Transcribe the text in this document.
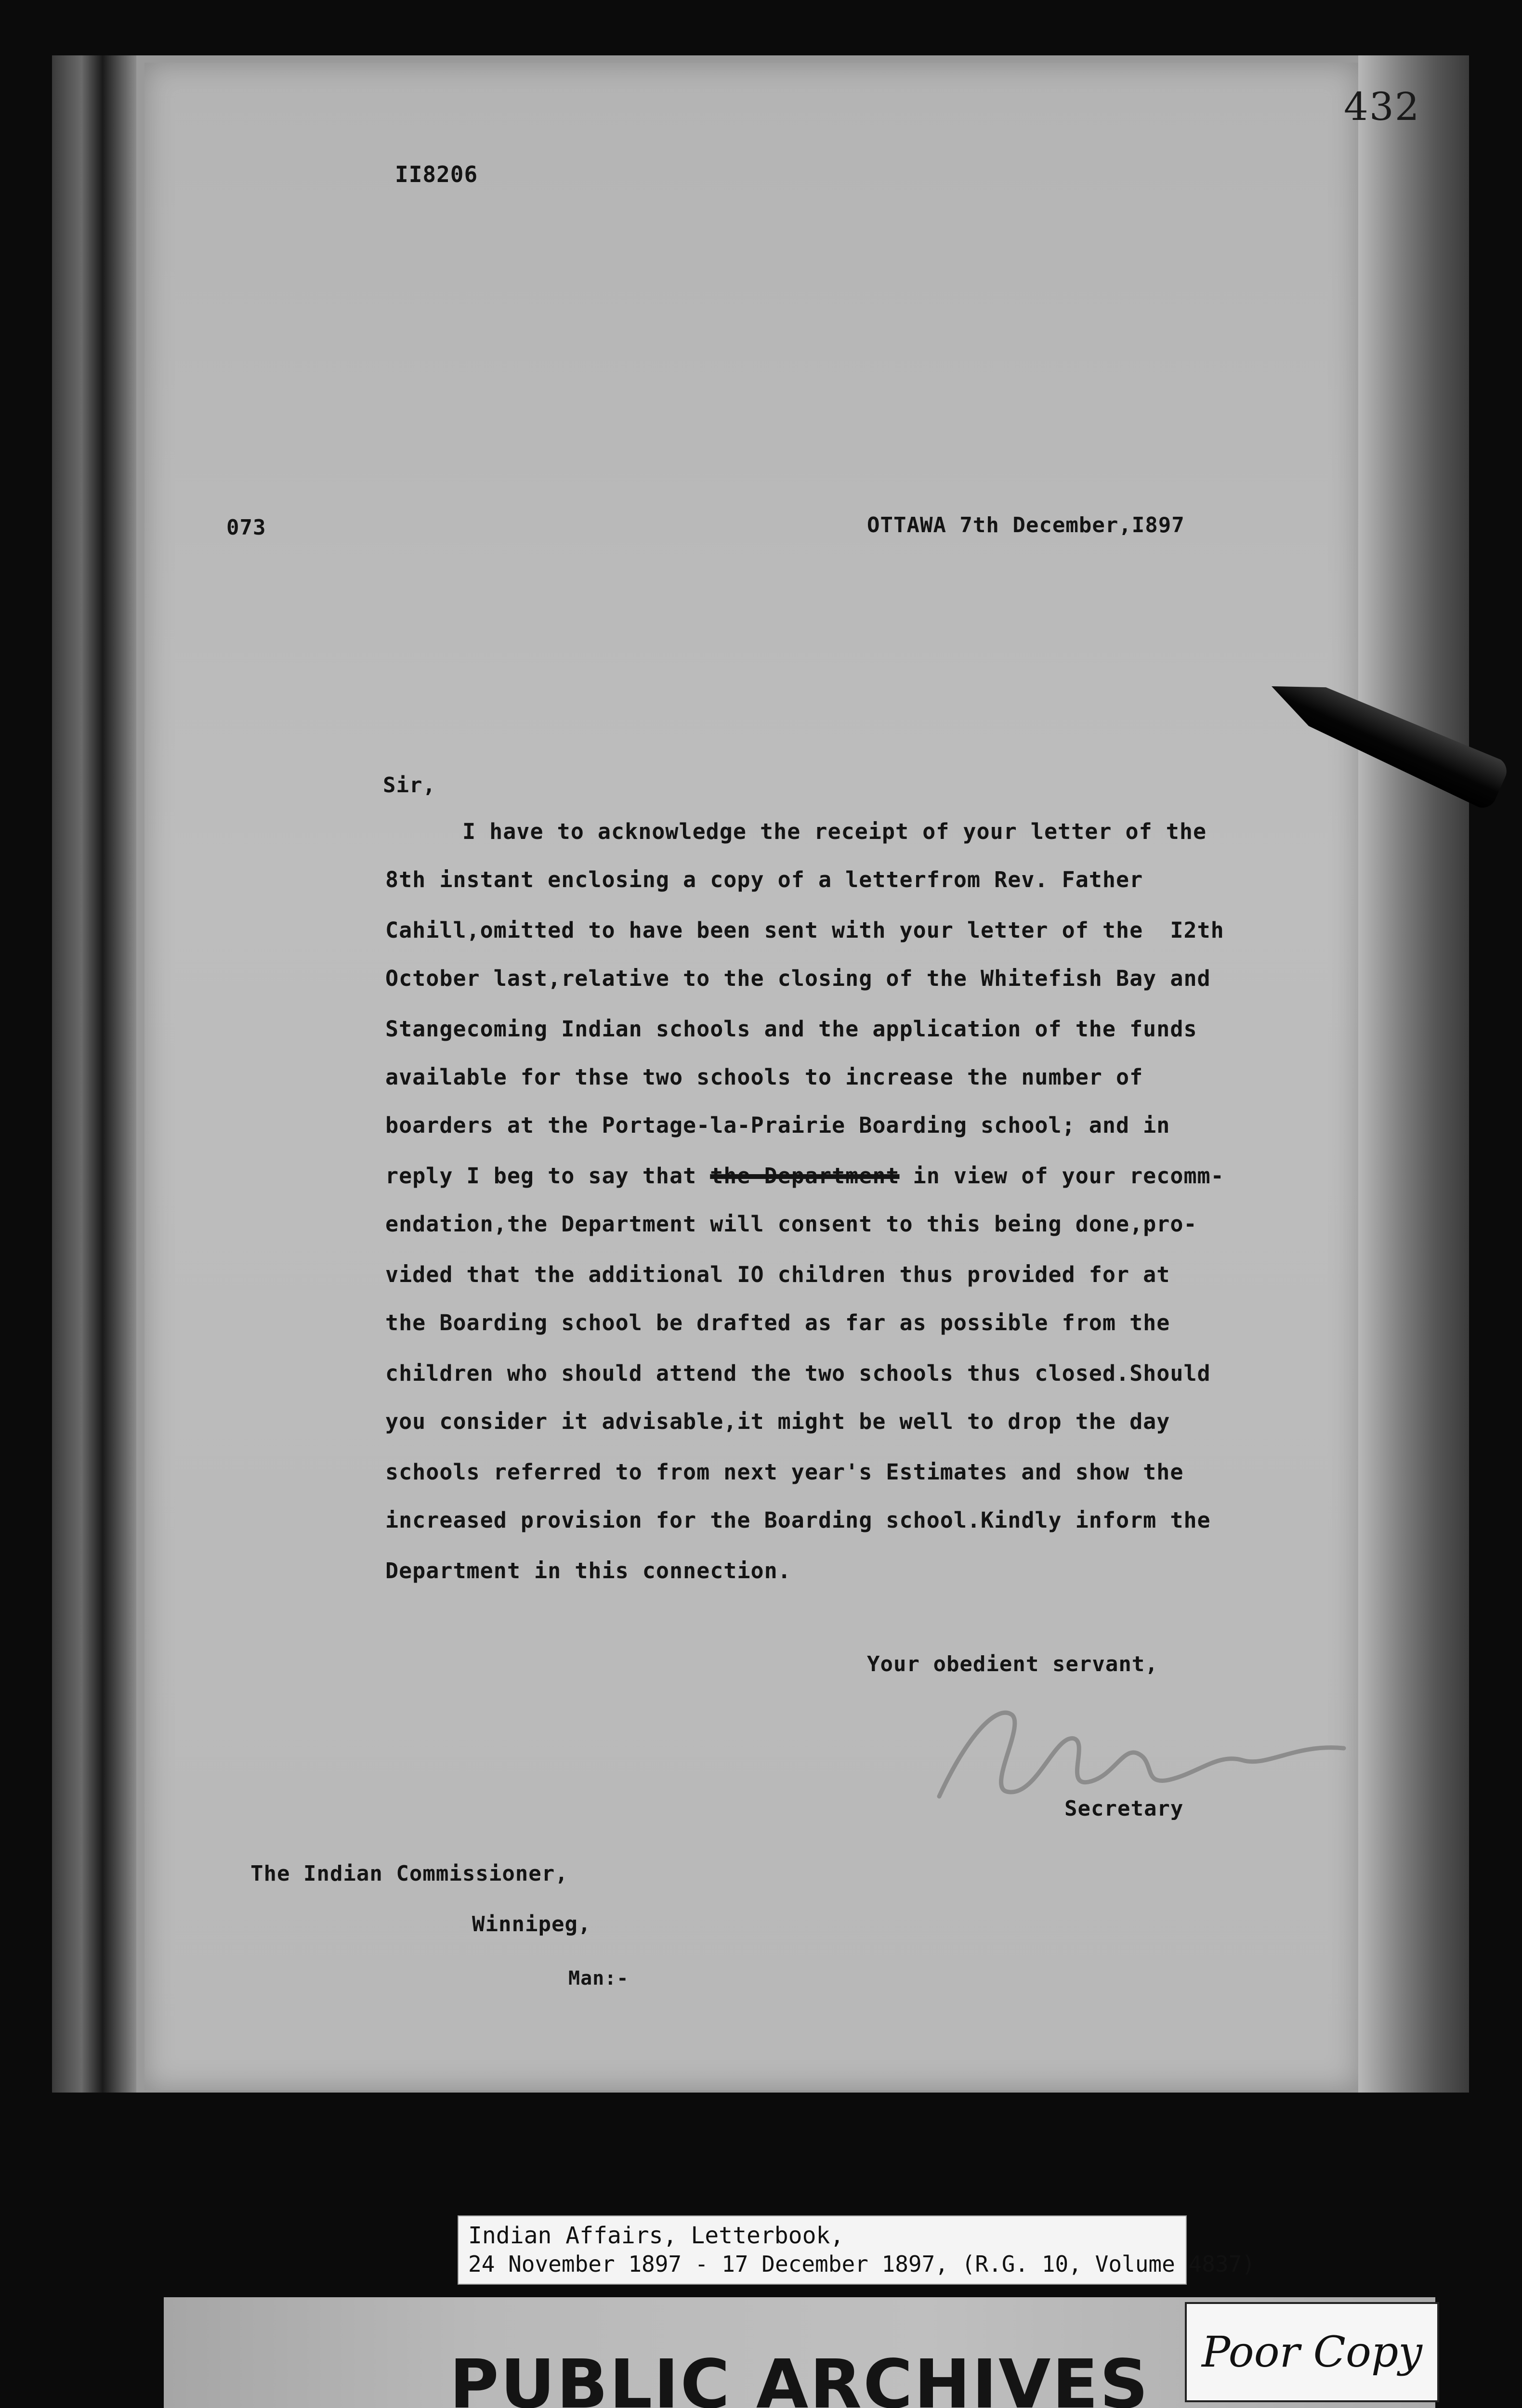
432
II8206
073	OTTAWA 7th December,I897
Sir,
I have to acknowledge the receipt of your letter of the
8th instant enclosing a copy of a letterfrom Rev. Father
Cahill,omitted to have been sent with your letter of the  I2th
October last,relative to the closing of the Whitefish Bay and
Stangecoming Indian schools and the application of the funds
available for thse two schools to increase the number of
boarders at the Portage-la-Prairie Boarding school; and in
reply I beg to say that the Department in view of your recomm-
endation,the Department will consent to this being done,pro-
vided that the additional IO children thus provided for at
the Boarding school be drafted as far as possible from the
children who should attend the two schools thus closed.Should
you consider it advisable,it might be well to drop the day
schools referred to from next year's Estimates and show the
increased provision for the Boarding school.Kindly inform the
Department in this connection.
Your obedient servant,
Secretary
The Indian Commissioner,
Winnipeg,
Man:-
Indian Affairs, Letterbook,
24 November 1897 - 17 December 1897, (R.G. 10, Volume 4837)
PUBLIC ARCHIVES	Poor Copy
